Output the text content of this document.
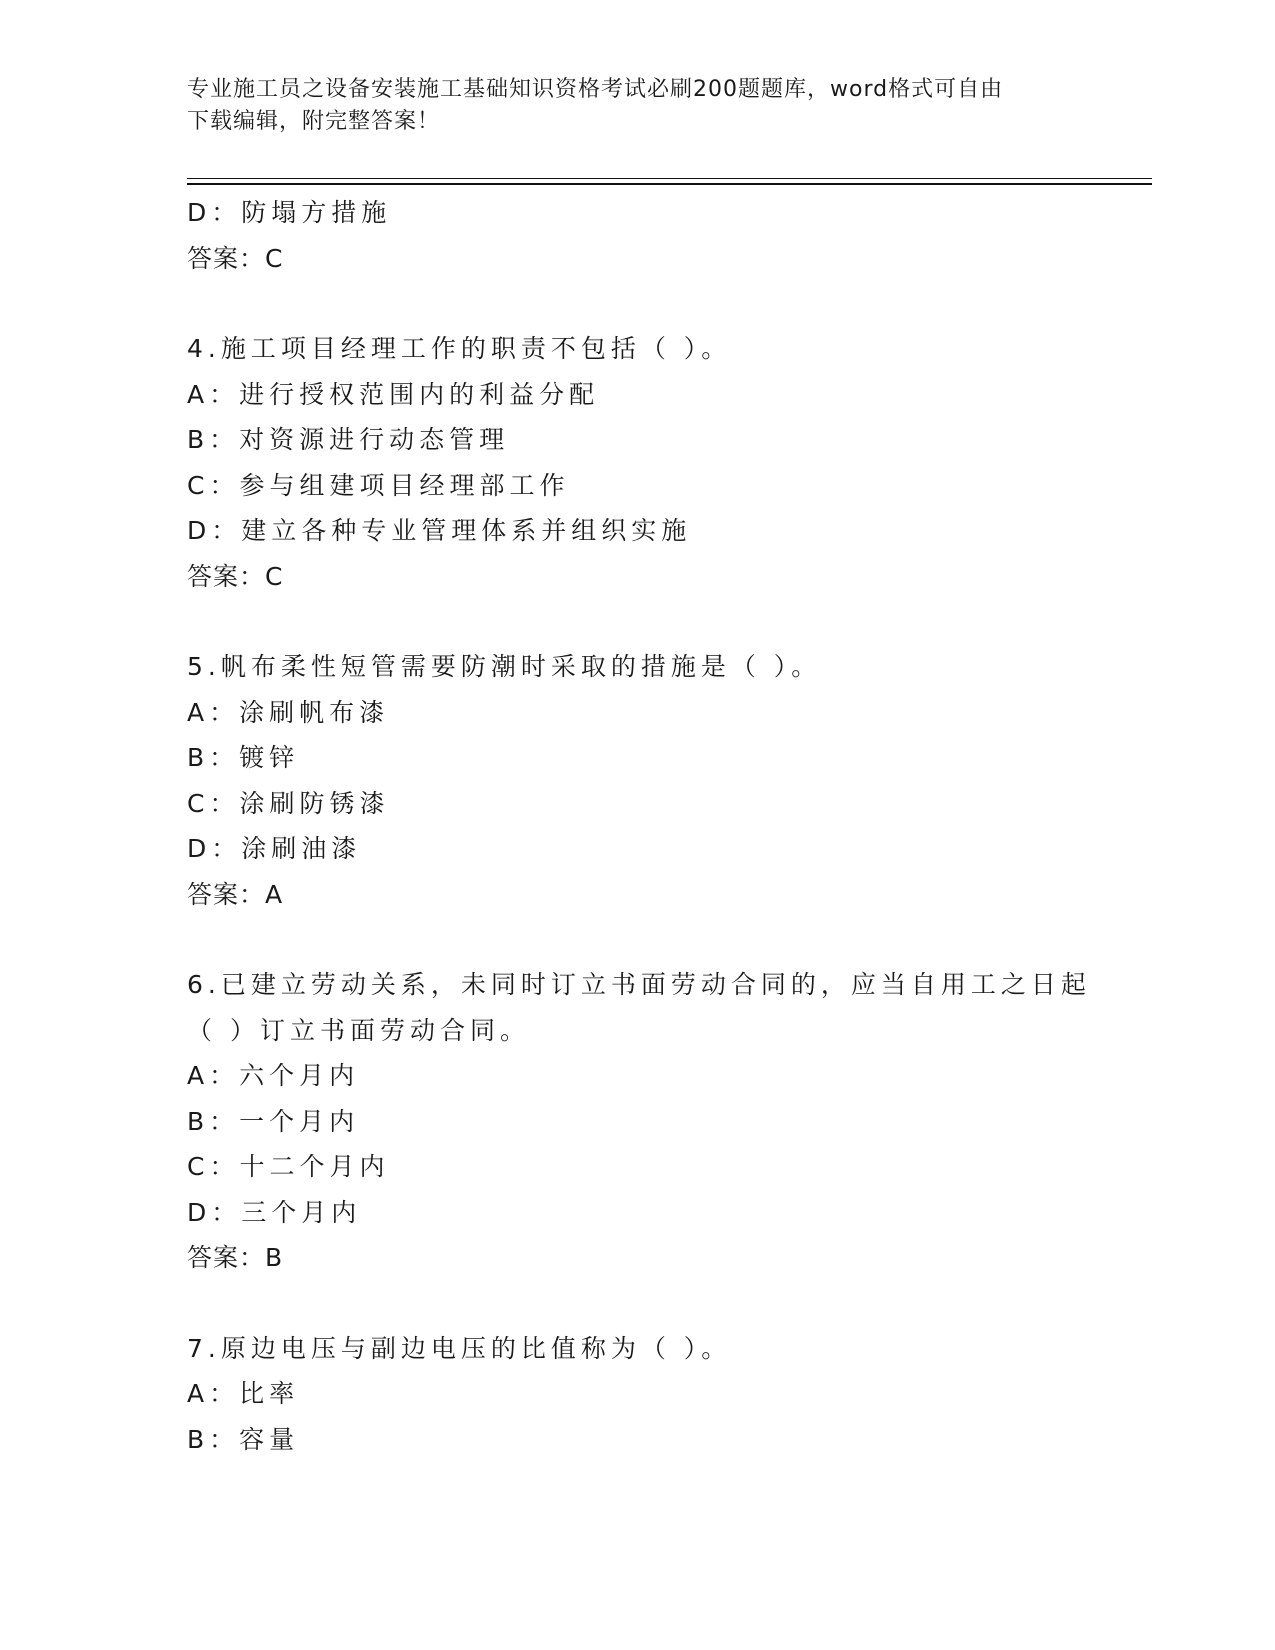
专业施工员之设备安装施工基础知识资格考试必刷200题题库，word格式可自由
下载编辑，附完整答案！
D：防塌方措施
答案：C
4.施工项目经理工作的职责不包括（ ）。
A：进行授权范围内的利益分配
B：对资源进行动态管理
C：参与组建项目经理部工作
D：建立各种专业管理体系并组织实施
答案：C
5.帆布柔性短管需要防潮时采取的措施是（ ）。
A：涂刷帆布漆
B：镀锌
C：涂刷防锈漆
D：涂刷油漆
答案：A
6.已建立劳动关系，未同时订立书面劳动合同的，应当自用工之日起
（ ）订立书面劳动合同。
A：六个月内
B：一个月内
C：十二个月内
D：三个月内
答案：B
7.原边电压与副边电压的比值称为（ ）。
A：比率
B：容量
